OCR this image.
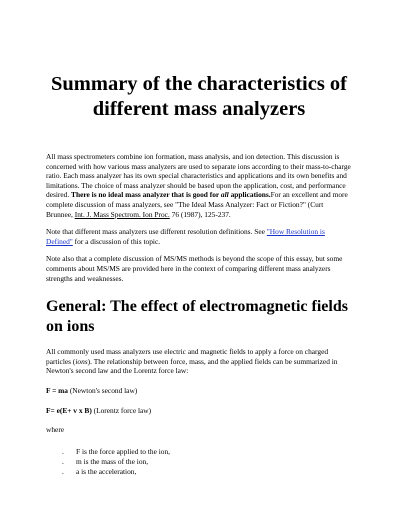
Summary of the characteristics of different mass analyzers

All mass spectrometers combine ion formation, mass analysis, and ion detection. This discussion is concerned with how various mass analyzers are used to separate ions according to their mass-to-charge ratio. Each mass analyzer has its own special characteristics and applications and its own benefits and limitations. The choice of mass analyzer should be based upon the application, cost, and performance desired. There is no ideal mass analyzer that is good for all applications.For an excellent and more complete discussion of mass analyzers, see "The Ideal Mass Analyzer: Fact or Fiction?" (Curt Brunnee, Int. J. Mass Spectrom. Ion Proc. 76 (1987), 125-237.

Note that different mass analyzers use different resolution definitions. See "How Resolution is Defined" for a discussion of this topic.

Note also that a complete discussion of MS/MS methods is beyond the scope of this essay, but some comments about MS/MS are provided here in the context of comparing different mass analyzers strengths and weaknesses.

General: The effect of electromagnetic fields on ions

All commonly used mass analyzers use electric and magnetic fields to apply a force on charged particles (ions). The relationship between force, mass, and the applied fields can be summarized in Newton's second law and the Lorentz force law:

F = ma (Newton's second law)

F= e(E+ v x B) (Lorentz force law)

where

. F is the force applied to the ion,
. m is the mass of the ion,
. a is the acceleration,
